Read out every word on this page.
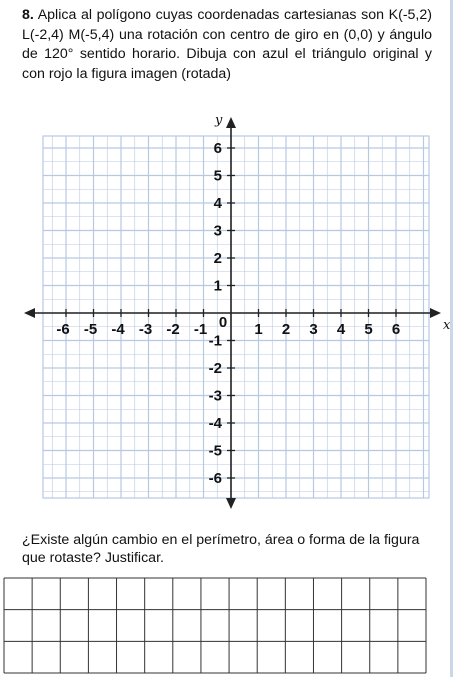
8. Aplica al polígono cuyas coordenadas cartesianas son K(-5,2) L(-2,4) M(-5,4) una rotación con centro de giro en (0,0) y ángulo de 120° sentido horario. Dibuja con azul el triángulo original y con rojo la figura imagen (rotada)

-6 -5 -4 -3 -2 -1	1 2 3 4 5 6
6
5
4
3
2
1
-1
-2
-3
-4
-5
-6
0
y
x
¿Existe algún cambio en el perímetro, área o forma de la figura que rotaste? Justificar.
